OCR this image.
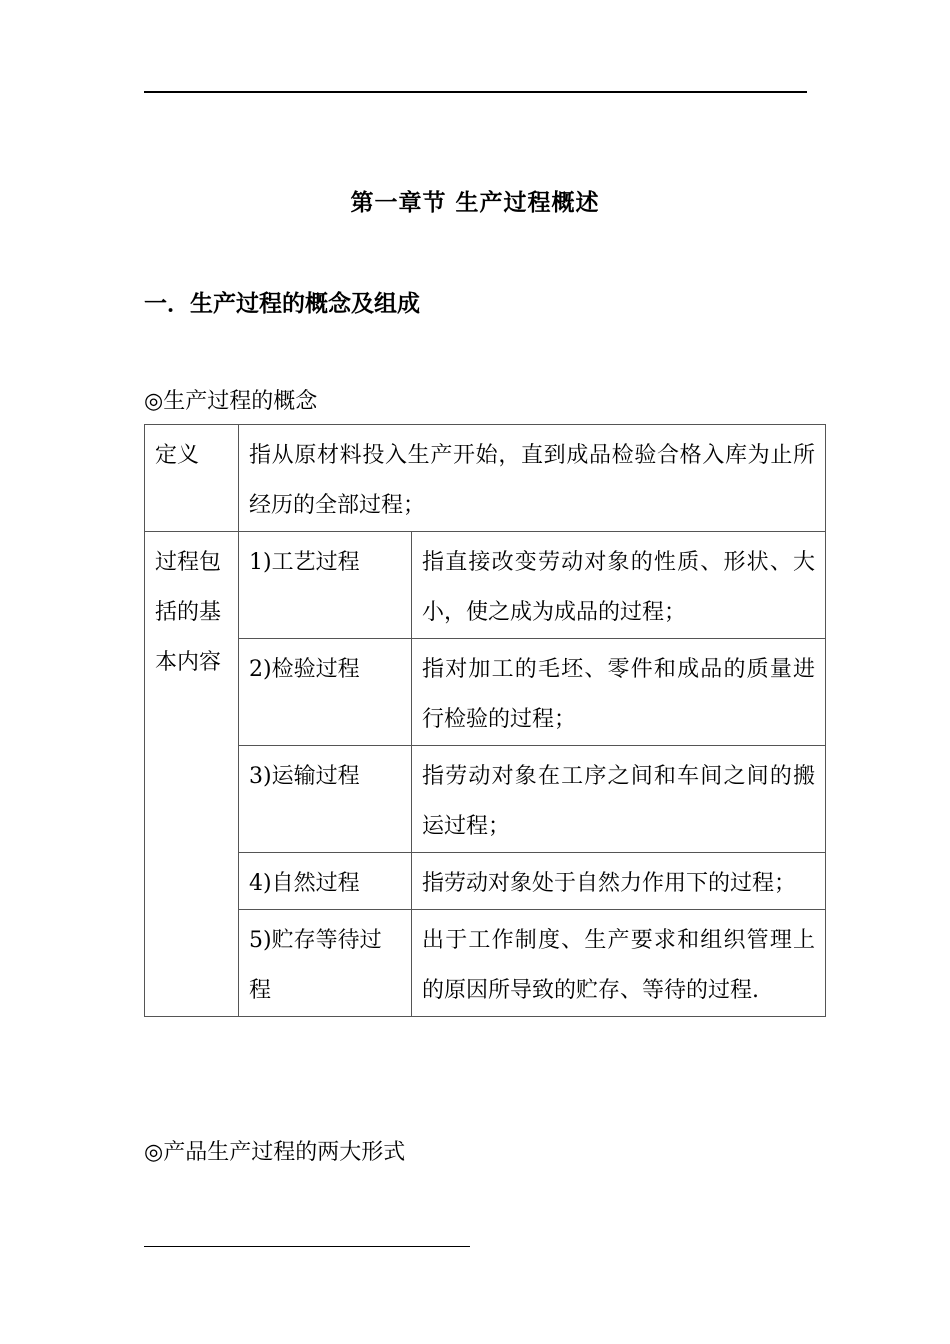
第一章节 生产过程概述
一．生产过程的概念及组成
◎生产过程的概念
定义	指从原材料投入生产开始，直到成品检验合格入库为止所经历的全部过程；	
过程包括的基本内容	1)工艺过程	指直接改变劳动对象的性质、形状、大小，使之成为成品的过程；
	2)检验过程	指对加工的毛坯、零件和成品的质量进行检验的过程；
	3)运输过程	指劳动对象在工序之间和车间之间的搬运过程；
	4)自然过程	指劳动对象处于自然力作用下的过程；
	5)贮存等待过程	出于工作制度、生产要求和组织管理上的原因所导致的贮存、等待的过程.
◎产品生产过程的两大形式
